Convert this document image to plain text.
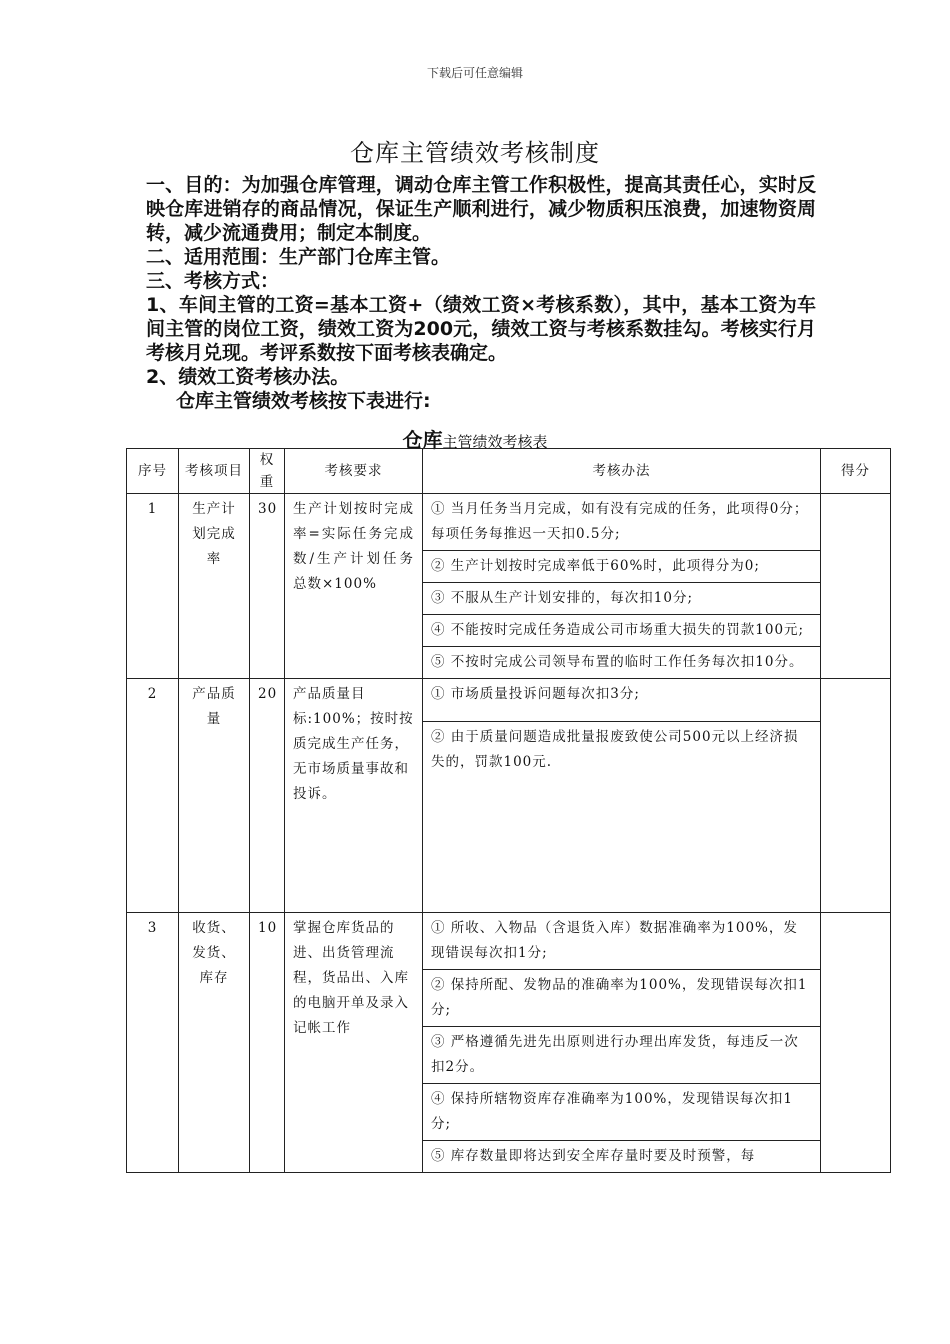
下载后可任意编辑
仓库主管绩效考核制度

一、目的：为加强仓库管理，调动仓库主管工作积极性，提高其责任心，实时反映仓库进销存的商品情况，保证生产顺利进行，减少物质积压浪费，加速物资周转，减少流通费用；制定本制度。

二、适用范围：生产部门仓库主管。

三、考核方式：

1、车间主管的工资=基本工资+（绩效工资×考核系数），其中，基本工资为车间主管的岗位工资，绩效工资为200元，绩效工资与考核系数挂勾。考核实行月考核月兑现。考评系数按下面考核表确定。

2、绩效工资考核办法。

仓库主管绩效考核按下表进行:

仓库主管绩效考核表
序号	考核项目	权重	考核要求	考核办法	得分
1	生产计划完成率	30	生产计划按时完成率=实际任务完成数/生产计划任务总数×100%	① 当月任务当月完成，如有没有完成的任务，此项得0分；每项任务每推迟一天扣0.5分;	
				② 生产计划按时完成率低于60%时，此项得分为0;	
				③ 不服从生产计划安排的，每次扣10分;	
				④ 不能按时完成任务造成公司市场重大损失的罚款100元;	
				⑤ 不按时完成公司领导布置的临时工作任务每次扣10分。	
2	产品质量	20	产品质量目标:100%；按时按质完成生产任务，无市场质量事故和投诉。	① 市场质量投诉问题每次扣3分;	
				② 由于质量问题造成批量报废致使公司500元以上经济损失的，罚款100元.	
3	收货、发货、库存	10	掌握仓库货品的进、出货管理流程，货品出、入库的电脑开单及录入记帐工作	① 所收、入物品（含退货入库）数据准确率为100%，发现错误每次扣1分;	
				② 保持所配、发物品的准确率为100%，发现错误每次扣1分;	
				③ 严格遵循先进先出原则进行办理出库发货，每违反一次扣2分。	
				④ 保持所辖物资库存准确率为100%，发现错误每次扣1分;	
				⑤ 库存数量即将达到安全库存量时要及时预警，每	
